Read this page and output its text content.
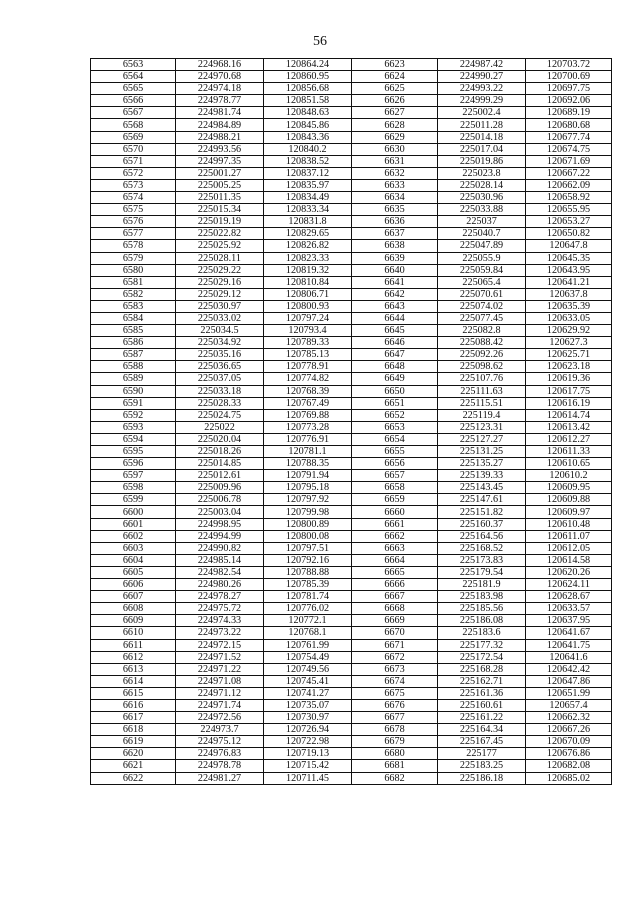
56
6563	224968.16	120864.24	6623	224987.42	120703.72
6564	224970.68	120860.95	6624	224990.27	120700.69
6565	224974.18	120856.68	6625	224993.22	120697.75
6566	224978.77	120851.58	6626	224999.29	120692.06
6567	224981.74	120848.63	6627	225002.4	120689.19
6568	224984.89	120845.86	6628	225011.28	120680.68
6569	224988.21	120843.36	6629	225014.18	120677.74
6570	224993.56	120840.2	6630	225017.04	120674.75
6571	224997.35	120838.52	6631	225019.86	120671.69
6572	225001.27	120837.12	6632	225023.8	120667.22
6573	225005.25	120835.97	6633	225028.14	120662.09
6574	225011.35	120834.49	6634	225030.96	120658.92
6575	225015.34	120833.34	6635	225033.88	120655.95
6576	225019.19	120831.8	6636	225037	120653.27
6577	225022.82	120829.65	6637	225040.7	120650.82
6578	225025.92	120826.82	6638	225047.89	120647.8
6579	225028.11	120823.33	6639	225055.9	120645.35
6580	225029.22	120819.32	6640	225059.84	120643.95
6581	225029.16	120810.84	6641	225065.4	120641.21
6582	225029.12	120806.71	6642	225070.61	120637.8
6583	225030.97	120800.93	6643	225074.02	120635.39
6584	225033.02	120797.24	6644	225077.45	120633.05
6585	225034.5	120793.4	6645	225082.8	120629.92
6586	225034.92	120789.33	6646	225088.42	120627.3
6587	225035.16	120785.13	6647	225092.26	120625.71
6588	225036.65	120778.91	6648	225098.62	120623.18
6589	225037.05	120774.82	6649	225107.76	120619.36
6590	225033.18	120768.39	6650	225111.63	120617.75
6591	225028.33	120767.49	6651	225115.51	120616.19
6592	225024.75	120769.88	6652	225119.4	120614.74
6593	225022	120773.28	6653	225123.31	120613.42
6594	225020.04	120776.91	6654	225127.27	120612.27
6595	225018.26	120781.1	6655	225131.25	120611.33
6596	225014.85	120788.35	6656	225135.27	120610.65
6597	225012.61	120791.94	6657	225139.33	120610.2
6598	225009.96	120795.18	6658	225143.45	120609.95
6599	225006.78	120797.92	6659	225147.61	120609.88
6600	225003.04	120799.98	6660	225151.82	120609.97
6601	224998.95	120800.89	6661	225160.37	120610.48
6602	224994.99	120800.08	6662	225164.56	120611.07
6603	224990.82	120797.51	6663	225168.52	120612.05
6604	224985.14	120792.16	6664	225173.83	120614.58
6605	224982.54	120788.88	6665	225179.54	120620.26
6606	224980.26	120785.39	6666	225181.9	120624.11
6607	224978.27	120781.74	6667	225183.98	120628.67
6608	224975.72	120776.02	6668	225185.56	120633.57
6609	224974.33	120772.1	6669	225186.08	120637.95
6610	224973.22	120768.1	6670	225183.6	120641.67
6611	224972.15	120761.99	6671	225177.32	120641.75
6612	224971.52	120754.49	6672	225172.54	120641.6
6613	224971.22	120749.56	6673	225168.28	120642.42
6614	224971.08	120745.41	6674	225162.71	120647.86
6615	224971.12	120741.27	6675	225161.36	120651.99
6616	224971.74	120735.07	6676	225160.61	120657.4
6617	224972.56	120730.97	6677	225161.22	120662.32
6618	224973.7	120726.94	6678	225164.34	120667.26
6619	224975.12	120722.98	6679	225167.45	120670.09
6620	224976.83	120719.13	6680	225177	120676.86
6621	224978.78	120715.42	6681	225183.25	120682.08
6622	224981.27	120711.45	6682	225186.18	120685.02
